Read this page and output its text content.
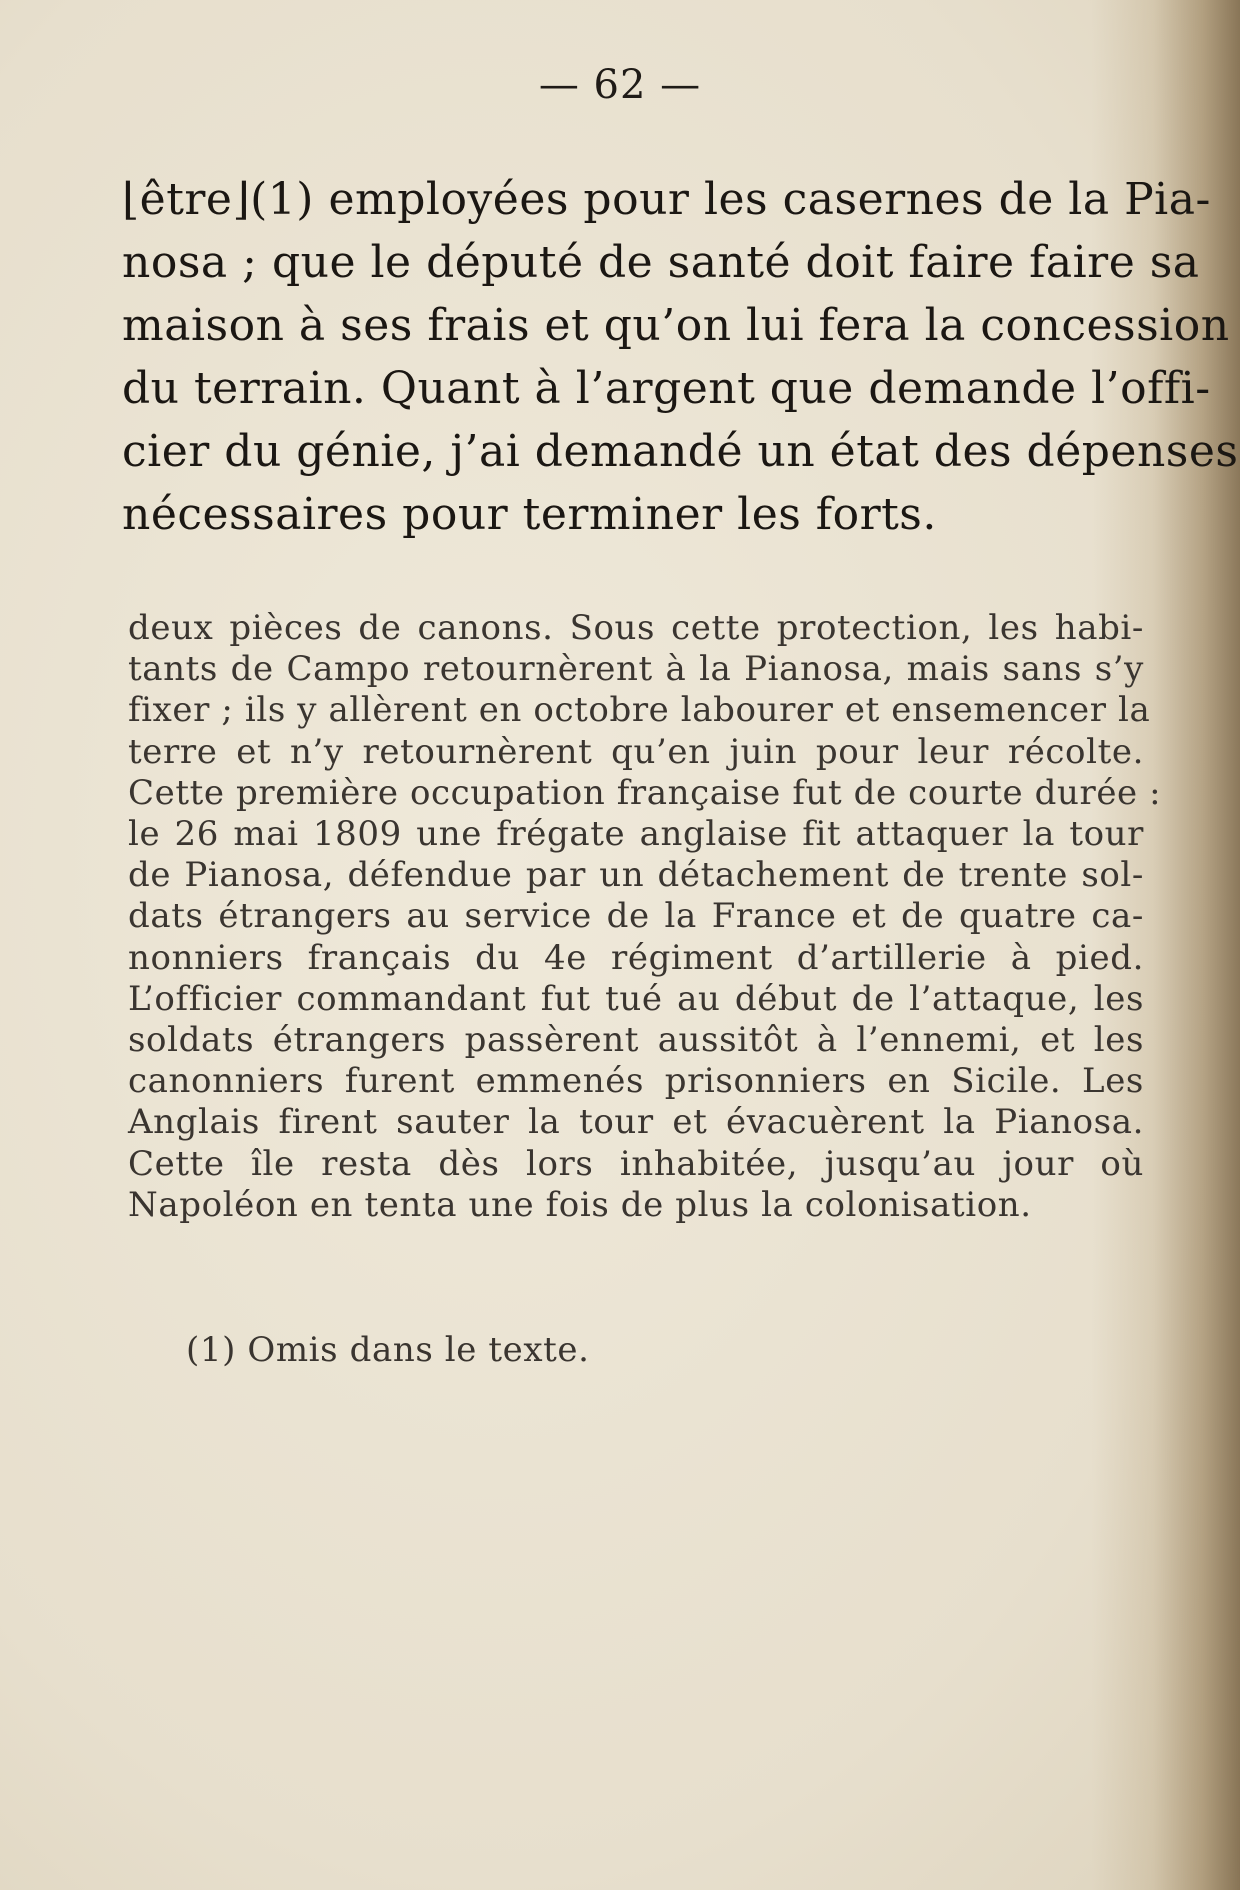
— 62 —
⌊être⌋(1) employées pour les casernes de la Pia-
nosa ; que le député de santé doit faire faire sa
maison à ses frais et qu’on lui fera la concession
du terrain. Quant à l’argent que demande l’offi-
cier du génie, j’ai demandé un état des dépenses
nécessaires pour terminer les forts.
deux pièces de canons. Sous cette protection, les habi-
tants de Campo retournèrent à la Pianosa, mais sans s’y
fixer ; ils y allèrent en octobre labourer et ensemencer la
terre et n’y retournèrent qu’en juin pour leur récolte.
Cette première occupation française fut de courte durée :
le 26 mai 1809 une frégate anglaise fit attaquer la tour
de Pianosa, défendue par un détachement de trente sol-
dats étrangers au service de la France et de quatre ca-
nonniers français du 4e régiment d’artillerie à pied.
L’officier commandant fut tué au début de l’attaque, les
soldats étrangers passèrent aussitôt à l’ennemi, et les
canonniers furent emmenés prisonniers en Sicile. Les
Anglais firent sauter la tour et évacuèrent la Pianosa.
Cette île resta dès lors inhabitée, jusqu’au jour où
Napoléon en tenta une fois de plus la colonisation.
(1) Omis dans le texte.
